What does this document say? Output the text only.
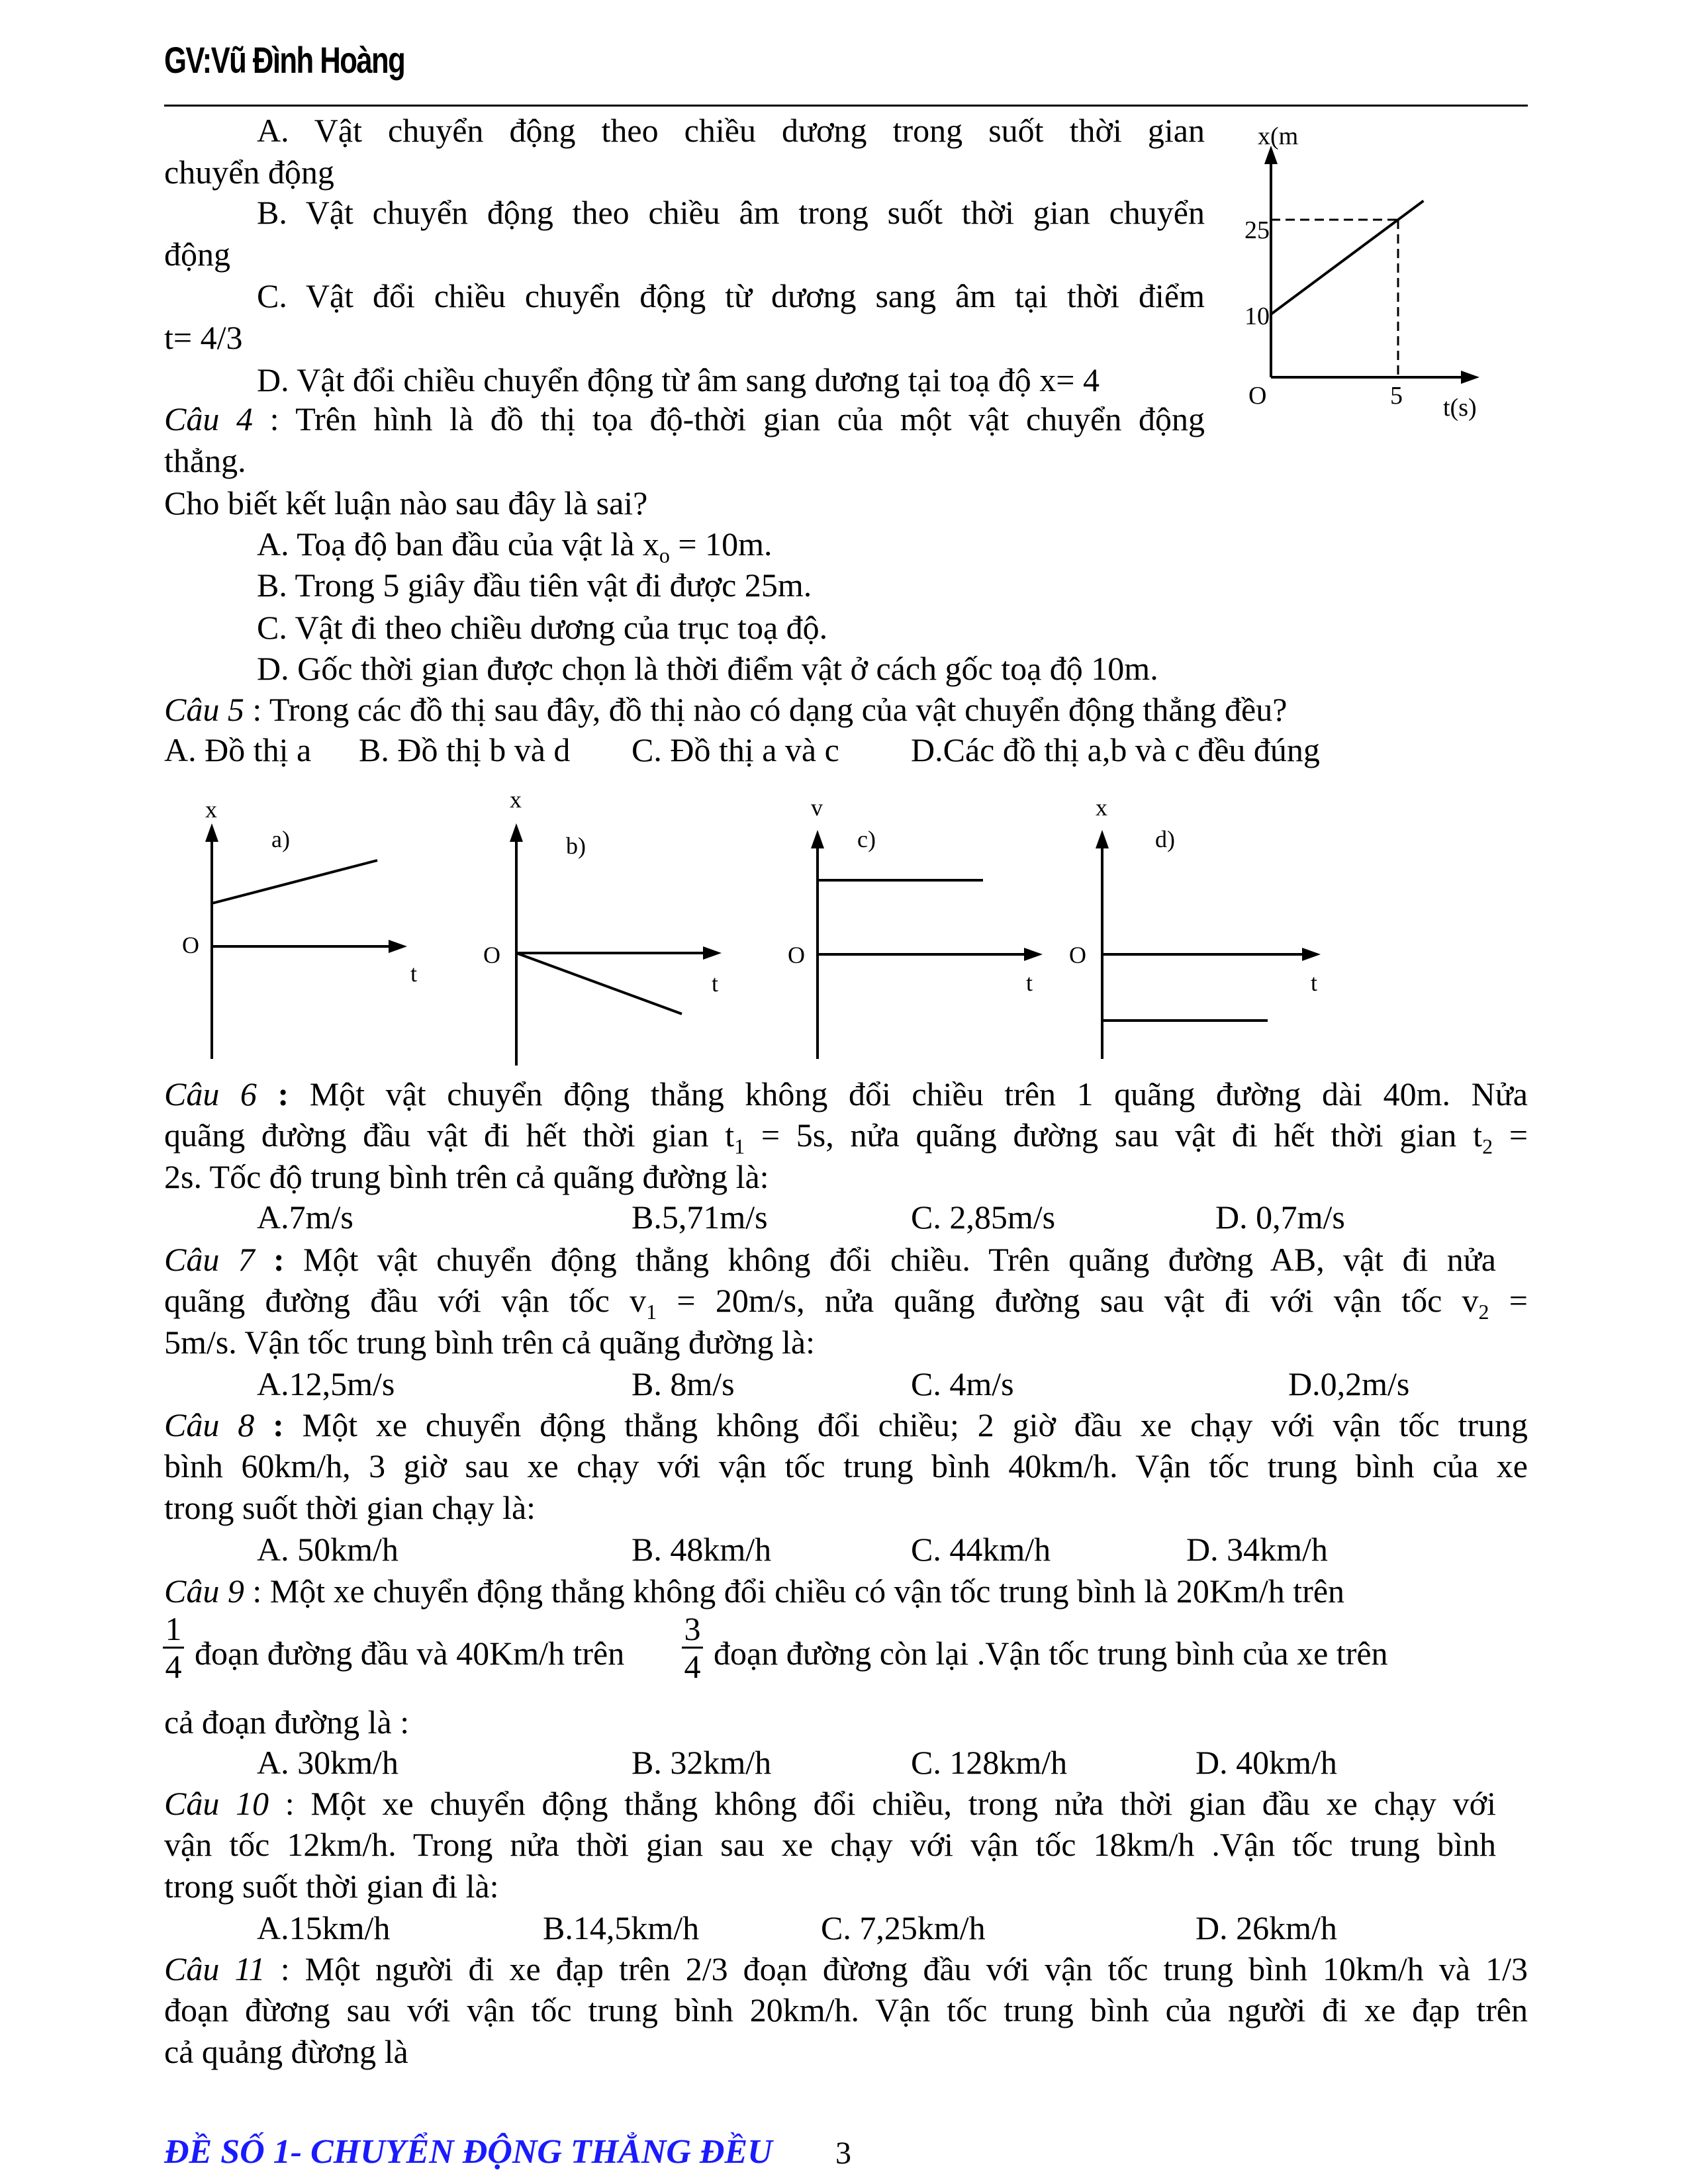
GV:Vũ Đình Hoàng
A. Vật chuyển động theo chiều dương trong suốt thời gian
chuyển động
B. Vật chuyển động theo chiều âm trong suốt thời gian chuyển
động
C. Vật đổi chiều chuyển động từ dương sang âm tại thời điểm
t= 4/3
D. Vật đổi chiều chuyển động từ âm sang dương tại toạ độ x= 4
Câu 4 : Trên hình là đồ thị tọa độ-thời gian của một vật chuyển động
thẳng.
Cho biết kết luận nào sau đây là sai?
A. Toạ độ ban đầu của vật là $x_o = 10m$.
B. Trong 5 giây đầu tiên vật đi được 25m.
C. Vật đi theo chiều dương của trục toạ độ.
D. Gốc thời gian được chọn là thời điểm vật ở cách gốc toạ độ 10m.
x(m
25
10
O	5 t(s)
Câu 5 : Trong các đồ thị sau đây, đồ thị nào có dạng của vật chuyển động thẳng đều?
A. Đồ thị a B. Đồ thị b và d C. Đồ thị a và c D.Các đồ thị a,b và c đều đúng
x
a)
O
t
x
b)
O
t
v
c)
O
t
x
d)
O
t
Câu 6 : Một vật chuyển động thẳng không đổi chiều trên 1 quãng đường dài 40m. Nửa
quãng đường đầu vật đi hết thời gian $t_1 = 5s$, nửa quãng đường sau vật đi hết thời gian $t_2$ =
2s. Tốc độ trung bình trên cả quãng đường là:
A.7m/s	B.5,71m/s	C. 2,85m/s	D. 0,7m/s
Câu 7 : Một vật chuyển động thẳng không đổi chiều. Trên quãng đường AB, vật đi nửa
quãng đường đầu với vận tốc $v_1 = 20m/s$, nửa quãng đường sau vật đi với vận tốc $v_2$ =
5m/s. Vận tốc trung bình trên cả quãng đường là:
A.12,5m/s	B. 8m/s	C. 4m/s	D.0,2m/s
Câu 8 : Một xe chuyển động thẳng không đổi chiều; 2 giờ đầu xe chạy với vận tốc trung
bình 60km/h, 3 giờ sau xe chạy với vận tốc trung bình 40km/h. Vận tốc trung bình của xe
trong suốt thời gian chạy là:
A. 50km/h	B. 48km/h	C. 44km/h	D. 34km/h
Câu 9 : Một xe chuyển động thẳng không đổi chiều có vận tốc trung bình là 20Km/h trên
$\frac{1}{4}$ đoạn đường đầu và 40Km/h trên $\frac{3}{4}$ đoạn đường còn lại .Vận tốc trung bình của xe trên
cả đoạn đường là :
A. 30km/h	B. 32km/h	C. 128km/h	D. 40km/h
Câu 10 : Một xe chuyển động thẳng không đổi chiều, trong nửa thời gian đầu xe chạy với
vận tốc 12km/h. Trong nửa thời gian sau xe chạy với vận tốc 18km/h .Vận tốc trung bình
trong suốt thời gian đi là:
A.15km/h	B.14,5km/h	C. 7,25km/h	D. 26km/h
Câu 11 : Một người đi xe đạp trên 2/3 đoạn đừơng đầu với vận tốc trung bình 10km/h và 1/3
đoạn đừơng sau với vận tốc trung bình 20km/h. Vận tốc trung bình của người đi xe đạp trên
cả quảng đừơng là
ĐỀ SỐ 1- CHUYỂN ĐỘNG THẲNG ĐỀU 3
